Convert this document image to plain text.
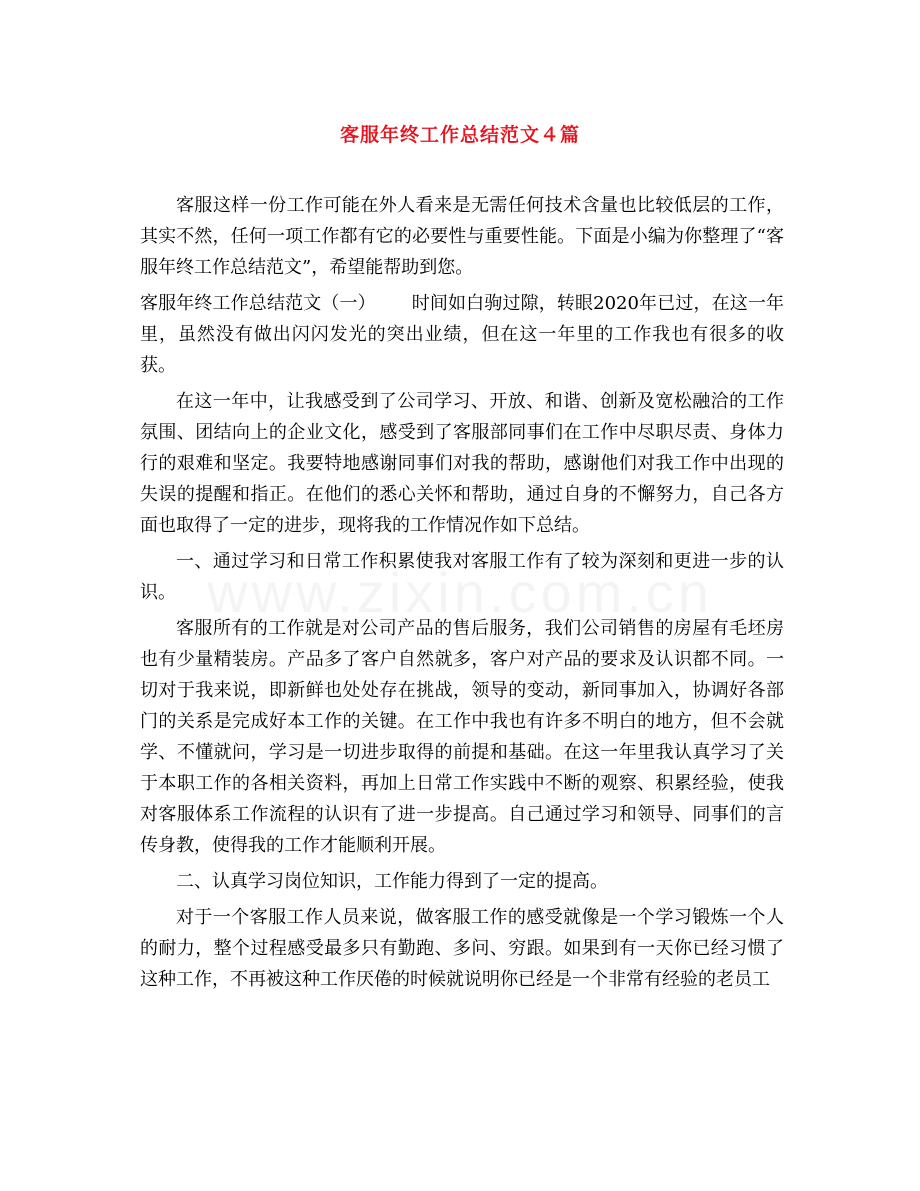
客服年终工作总结范文４篇

客服这样一份工作可能在外人看来是无需任何技术含量也比较低层的工作，其实不然，任何一项工作都有它的必要性与重要性能。下面是小编为你整理了“客服年终工作总结范文”，希望能帮助到您。

客服年终工作总结范文（一） 时间如白驹过隙，转眼2020年已过，在这一年里，虽然没有做出闪闪发光的突出业绩，但在这一年里的工作我也有很多的收获。

在这一年中，让我感受到了公司学习、开放、和谐、创新及宽松融洽的工作氛围、团结向上的企业文化，感受到了客服部同事们在工作中尽职尽责、身体力行的艰难和坚定。我要特地感谢同事们对我的帮助，感谢他们对我工作中出现的失误的提醒和指正。在他们的悉心关怀和帮助，通过自身的不懈努力，自己各方面也取得了一定的进步，现将我的工作情况作如下总结。

一、通过学习和日常工作积累使我对客服工作有了较为深刻和更进一步的认识。

客服所有的工作就是对公司产品的售后服务，我们公司销售的房屋有毛坯房也有少量精装房。产品多了客户自然就多，客户对产品的要求及认识都不同。一切对于我来说，即新鲜也处处存在挑战，领导的变动，新同事加入，协调好各部门的关系是完成好本工作的关键。在工作中我也有许多不明白的地方，但不会就学、不懂就问，学习是一切进步取得的前提和基础。在这一年里我认真学习了关于本职工作的各相关资料，再加上日常工作实践中不断的观察、积累经验，使我对客服体系工作流程的认识有了进一步提高。自己通过学习和领导、同事们的言传身教，使得我的工作才能顺利开展。

二、认真学习岗位知识，工作能力得到了一定的提高。

对于一个客服工作人员来说，做客服工作的感受就像是一个学习锻炼一个人的耐力，整个过程感受最多只有勤跑、多问、穷跟。如果到有一天你已经习惯了这种工作，不再被这种工作厌倦的时候就说明你已经是一个非常有经验的老员工
